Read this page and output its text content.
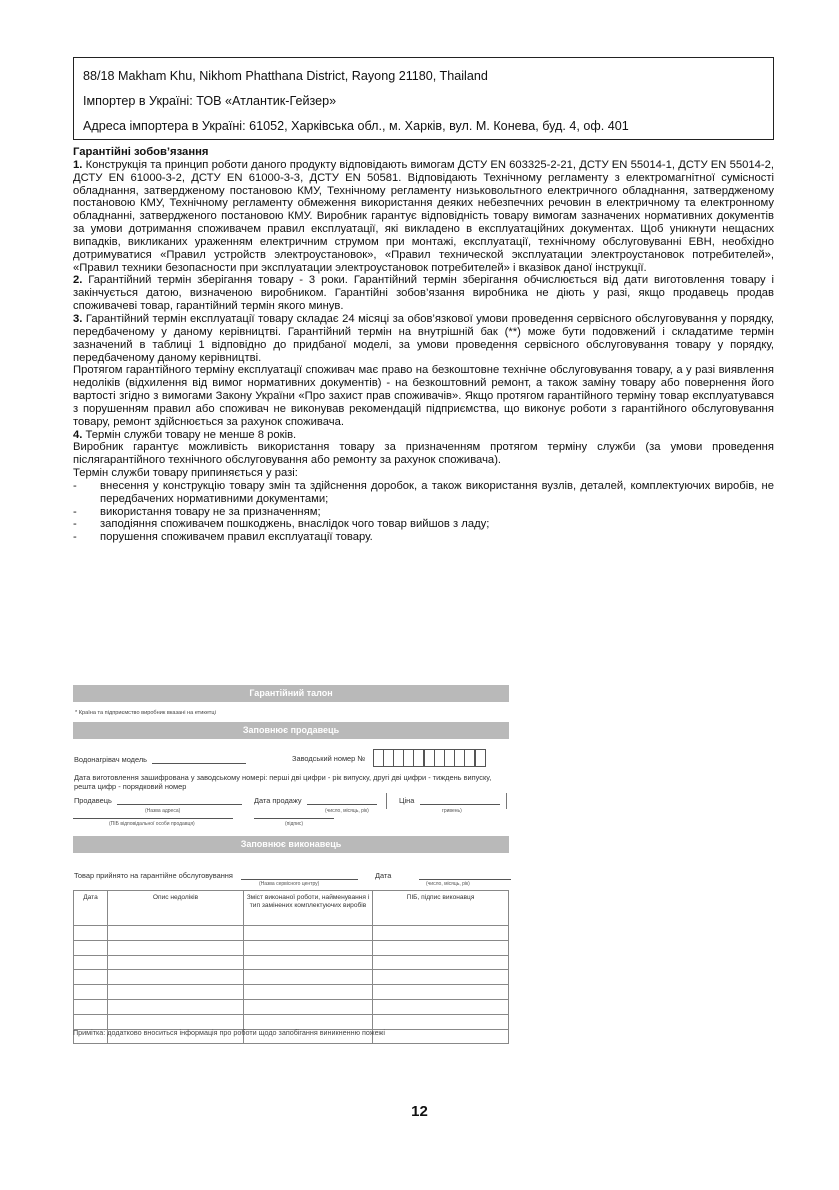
88/18 Makham Khu, Nikhom Phatthana District, Rayong 21180, Thailand

Імпортер в Україні: ТОВ «Атлантик-Гейзер»

Адреса імпортера в Україні: 61052, Харківська обл., м. Харків, вул. М. Конева, буд. 4, оф. 401

Гарантійні зобов’язання

1. Конструкція та принцип роботи даного продукту відповідають вимогам ДСТУ EN 603325-2-21, ДСТУ EN 55014-1, ДСТУ EN 55014-2, ДСТУ EN 61000-3-2, ДСТУ EN 61000-3-3, ДСТУ EN 50581. Відповідають Технічному регламенту з електромагнітної сумісності обладнання, затвердженому постановою КМУ, Технічному регламенту низьковольтного електричного обладнання, затвердженому постановою КМУ, Технічному регламенту обмеження використання деяких небезпечних речовин в електричному та електронному обладнанні, затвердженого постановою КМУ. Виробник гарантує відповідність товару вимогам зазначених нормативних документів за умови дотримання споживачем правил експлуатації, які викладено в експлуатаційних документах. Щоб уникнути нещасних випадків, викликаних ураженням електричним струмом при монтажі, експлуатації, технічному обслуговуванні ЕВН, необхідно дотримуватися «Правил устройств электроустановок», «Правил технической эксплуатации электроустановок потребителей», «Правил техники безопасности при эксплуатации электроустановок потребителей» і вказівок даної інструкції.

2. Гарантійний термін зберігання товару - 3 роки. Гарантійний термін зберігання обчислюється від дати виготовлення товару і закінчується датою, визначеною виробником. Гарантійні зобов’язання виробника не діють у разі, якщо продавець продав споживачеві товар, гарантійний термін якого минув.

3. Гарантійний термін експлуатації товару складає 24 місяці за обов’язкової умови проведення сервісного обслуговування у порядку, передбаченому у даному керівництві. Гарантійний термін на внутрішній бак (**) може бути подовжений і складатиме термін зазначений в таблиці 1 відповідно до придбаної моделі, за умови проведення сервісного обслуговування товару у порядку, передбаченому даному керівництві.

Протягом гарантійного терміну експлуатації споживач має право на безкоштовне технічне обслуговування товару, а у разі виявлення недоліків (відхилення від вимог нормативних документів) - на безкоштовний ремонт, а також заміну товару або повернення його вартості згідно з вимогами Закону України «Про захист прав споживачів». Якщо протягом гарантійного терміну товар експлуатувався з порушенням правил або споживач не виконував рекомендацій підприємства, що виконує роботи з гарантійного обслуговування товару, ремонт здійснюється за рахунок споживача.

4. Термін служби товару не менше 8 років.

Виробник гарантує можливість використання товару за призначенням протягом терміну служби (за умови проведення післягарантійного технічного обслуговування або ремонту за рахунок споживача).

Термін служби товару припиняється у разі:

- внесення у конструкцію товару змін та здійснення доробок, а також використання вузлів, деталей, комплектуючих виробів, не передбачених нормативними документами;
- використання товару не за призначенням;
- заподіяння споживачем пошкоджень, внаслідок чого товар вийшов з ладу;
- порушення споживачем правил експлуатації товару.
Гарантійний талон
* Країна та підприємство виробник вказані на етикетці
Заповнює продавець
Водонагрівач модель	Заводський номер №
Дата виготовлення зашифрована у заводському номері: перші дві цифри - рік випуску, другі дві цифри - тиждень випуску, решта цифр - порядковий номер
Продавець
(Назва адреса)
Дата продажу
(число, місяць, рік)
Ціна
гривень)
(ПІБ відповідальної особи продавця)	(підпис)
Заповнює виконавець
Товар прийнято на гарантійне обслуговування
(Назва сервісного центру)
Дата
(число, місяць, рік)
Дата	Опис недоліків	Зміст виконаної роботи, найменування і тип замінених комплектуючих виробів	ПІБ, підпис виконавця

Примітка: додатково вноситься інформація про роботи щодо запобігання виникненню пожежі
12
